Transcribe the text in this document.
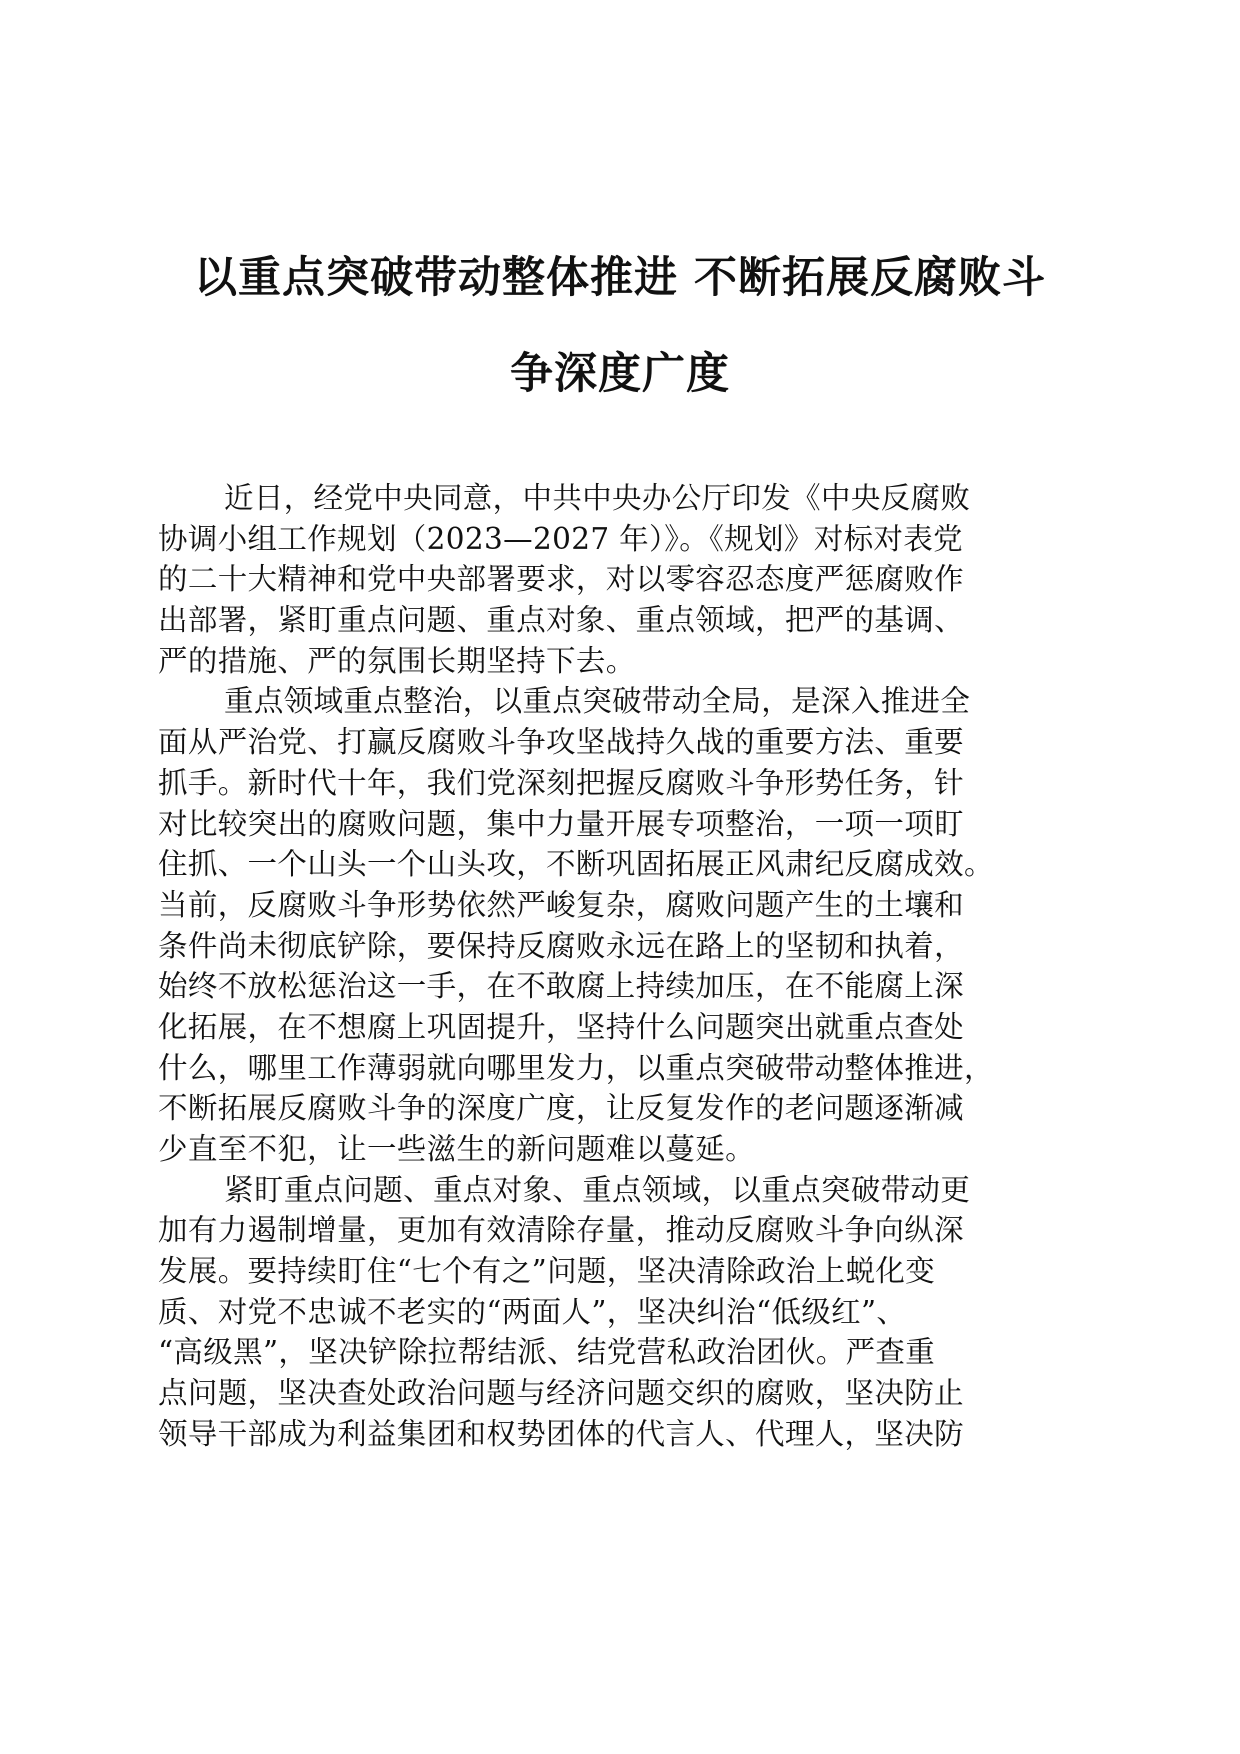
以重点突破带动整体推进 不断拓展反腐败斗
争深度广度
近日，经党中央同意，中共中央办公厅印发《中央反腐败
协调小组工作规划（2023—2027 年）》。《规划》对标对表党
的二十大精神和党中央部署要求，对以零容忍态度严惩腐败作
出部署，紧盯重点问题、重点对象、重点领域，把严的基调、
严的措施、严的氛围长期坚持下去。
重点领域重点整治，以重点突破带动全局，是深入推进全
面从严治党、打赢反腐败斗争攻坚战持久战的重要方法、重要
抓手。新时代十年，我们党深刻把握反腐败斗争形势任务，针
对比较突出的腐败问题，集中力量开展专项整治，一项一项盯
住抓、一个山头一个山头攻，不断巩固拓展正风肃纪反腐成效。
当前，反腐败斗争形势依然严峻复杂，腐败问题产生的土壤和
条件尚未彻底铲除，要保持反腐败永远在路上的坚韧和执着，
始终不放松惩治这一手，在不敢腐上持续加压，在不能腐上深
化拓展，在不想腐上巩固提升，坚持什么问题突出就重点查处
什么，哪里工作薄弱就向哪里发力，以重点突破带动整体推进，
不断拓展反腐败斗争的深度广度，让反复发作的老问题逐渐减
少直至不犯，让一些滋生的新问题难以蔓延。
紧盯重点问题、重点对象、重点领域，以重点突破带动更
加有力遏制增量，更加有效清除存量，推动反腐败斗争向纵深
发展。要持续盯住“七个有之”问题，坚决清除政治上蜕化变
质、对党不忠诚不老实的“两面人”，坚决纠治“低级红”、
“高级黑”，坚决铲除拉帮结派、结党营私政治团伙。严查重
点问题，坚决查处政治问题与经济问题交织的腐败，坚决防止
领导干部成为利益集团和权势团体的代言人、代理人，坚决防
